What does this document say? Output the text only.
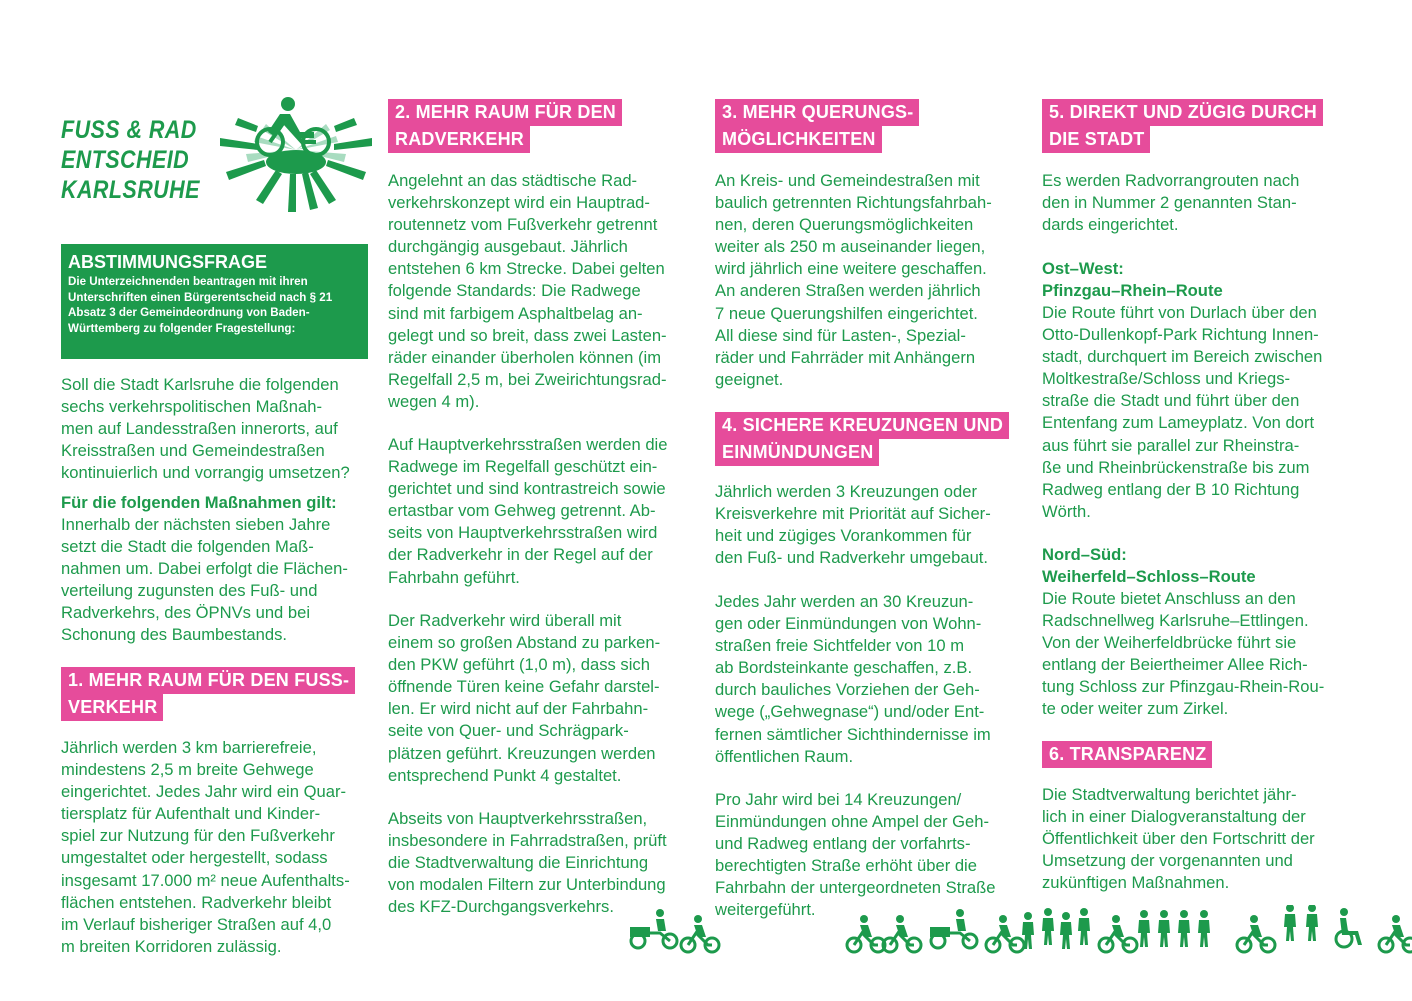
FUSS & RAD
ENTSCHEID
KARLSRUHE
ABSTIMMUNGSFRAGE

Die Unterzeichnenden beantragen mit ihren
Unterschriften einen Bürgerentscheid nach § 21
Absatz 3 der Gemeindeordnung von Baden-
Württemberg zu folgender Fragestellung:

Soll die Stadt Karlsruhe die folgenden
sechs verkehrspolitischen Maßnah-
men auf Landesstraßen innerorts, auf
Kreisstraßen und Gemeindestraßen
kontinuierlich und vorrangig umsetzen?
Für die folgenden Maßnahmen gilt:
Innerhalb der nächsten sieben Jahre
setzt die Stadt die folgenden Maß-
nahmen um. Dabei erfolgt die Flächen-
verteilung zugunsten des Fuß- und
Radverkehrs, des ÖPNVs und bei
Schonung des Baumbestands.
1. MEHR RAUM FÜR DEN FUSS-
VERKEHR
Jährlich werden 3 km barrierefreie,
mindestens 2,5 m breite Gehwege
eingerichtet. Jedes Jahr wird ein Quar-
tiersplatz für Aufenthalt und Kinder-
spiel zur Nutzung für den Fußverkehr
umgestaltet oder hergestellt, sodass
insgesamt 17.000 m² neue Aufenthalts-
flächen entstehen. Radverkehr bleibt
im Verlauf bisheriger Straßen auf 4,0
m breiten Korridoren zulässig.
2. MEHR RAUM FÜR DEN
RADVERKEHR
Angelehnt an das städtische Rad-
verkehrskonzept wird ein Hauptrad-
routennetz vom Fußverkehr getrennt
durchgängig ausgebaut. Jährlich
entstehen 6 km Strecke. Dabei gelten
folgende Standards: Die Radwege
sind mit farbigem Asphaltbelag an-
gelegt und so breit, dass zwei Lasten-
räder einander überholen können (im
Regelfall 2,5 m, bei Zweirichtungsrad-
wegen 4 m).
Auf Hauptverkehrsstraßen werden die
Radwege im Regelfall geschützt ein-
gerichtet und sind kontrastreich sowie
ertastbar vom Gehweg getrennt. Ab-
seits von Hauptverkehrsstraßen wird
der Radverkehr in der Regel auf der
Fahrbahn geführt.
Der Radverkehr wird überall mit
einem so großen Abstand zu parken-
den PKW geführt (1,0 m), dass sich
öffnende Türen keine Gefahr darstel-
len. Er wird nicht auf der Fahrbahn-
seite von Quer- und Schrägpark-
plätzen geführt. Kreuzungen werden
entsprechend Punkt 4 gestaltet.
Abseits von Hauptverkehrsstraßen,
insbesondere in Fahrradstraßen, prüft
die Stadtverwaltung die Einrichtung
von modalen Filtern zur Unterbindung
des KFZ-Durchgangsverkehrs.
3. MEHR QUERUNGS-
MÖGLICHKEITEN
An Kreis- und Gemeindestraßen mit
baulich getrennten Richtungsfahrbah-
nen, deren Querungsmöglichkeiten
weiter als 250 m auseinander liegen,
wird jährlich eine weitere geschaffen.
An anderen Straßen werden jährlich
7 neue Querungshilfen eingerichtet.
All diese sind für Lasten-, Spezial-
räder und Fahrräder mit Anhängern
geeignet.
4. SICHERE KREUZUNGEN UND
EINMÜNDUNGEN
Jährlich werden 3 Kreuzungen oder
Kreisverkehre mit Priorität auf Sicher-
heit und zügiges Vorankommen für
den Fuß- und Radverkehr umgebaut.
Jedes Jahr werden an 30 Kreuzun-
gen oder Einmündungen von Wohn-
straßen freie Sichtfelder von 10 m
ab Bordsteinkante geschaffen, z.B.
durch bauliches Vorziehen der Geh-
wege („Gehwegnase“) und/oder Ent-
fernen sämtlicher Sichthindernisse im
öffentlichen Raum.
Pro Jahr wird bei 14 Kreuzungen/
Einmündungen ohne Ampel der Geh-
und Radweg entlang der vorfahrts-
berechtigten Straße erhöht über die
Fahrbahn der untergeordneten Straße
weitergeführt.
5. DIREKT UND ZÜGIG DURCH
DIE STADT
Es werden Radvorrangrouten nach
den in Nummer 2 genannten Stan-
dards eingerichtet.
Ost–West:
Pfinzgau–Rhein–Route
Die Route führt von Durlach über den
Otto-Dullenkopf-Park Richtung Innen-
stadt, durchquert im Bereich zwischen
Moltkestraße/Schloss und Kriegs-
straße die Stadt und führt über den
Entenfang zum Lameyplatz. Von dort
aus führt sie parallel zur Rheinstra-
ße und Rheinbrückenstraße bis zum
Radweg entlang der B 10 Richtung
Wörth.
Nord–Süd:
Weiherfeld–Schloss–Route
Die Route bietet Anschluss an den
Radschnellweg Karlsruhe–Ettlingen.
Von der Weiherfeldbrücke führt sie
entlang der Beiertheimer Allee Rich-
tung Schloss zur Pfinzgau-Rhein-Rou-
te oder weiter zum Zirkel.
6. TRANSPARENZ
Die Stadtverwaltung berichtet jähr-
lich in einer Dialogveranstaltung der
Öffentlichkeit über den Fortschritt der
Umsetzung der vorgenannten und
zukünftigen Maßnahmen.
